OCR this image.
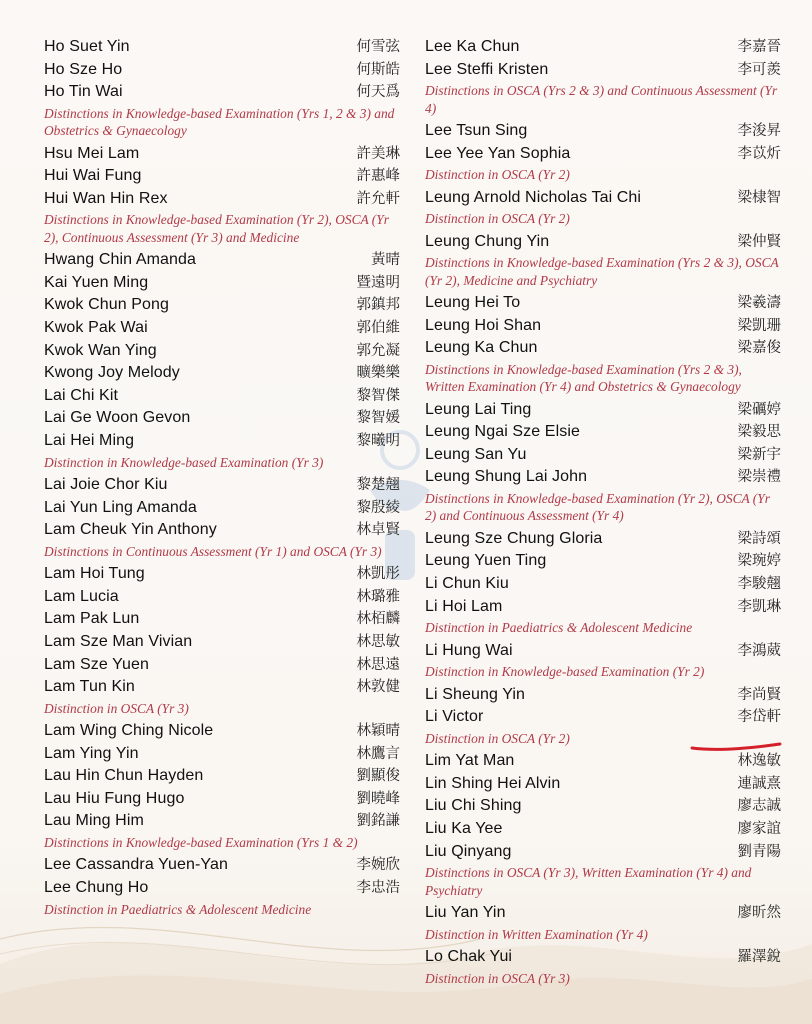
Ho Suet Yin	何雪弦
Ho Sze Ho	何斯皓
Ho Tin Wai	何天爲
Distinctions in Knowledge-based Examination (Yrs 1, 2 & 3) and Obstetrics & Gynaecology
Hsu Mei Lam	許美琳
Hui Wai Fung	許惠峰
Hui Wan Hin Rex	許允軒
Distinctions in Knowledge-based Examination (Yr 2), OSCA (Yr 2), Continuous Assessment (Yr 3) and Medicine
Hwang Chin Amanda	黃晴
Kai Yuen Ming	暨遠明
Kwok Chun Pong	郭鎮邦
Kwok Pak Wai	郭伯維
Kwok Wan Ying	郭允凝
Kwong Joy Melody	曠樂樂
Lai Chi Kit	黎智傑
Lai Ge Woon Gevon	黎智媛
Lai Hei Ming	黎曦明
Distinction in Knowledge-based Examination (Yr 3)
Lai Joie Chor Kiu	黎楚翹
Lai Yun Ling Amanda	黎殷綾
Lam Cheuk Yin Anthony	林卓賢
Distinctions in Continuous Assessment (Yr 1) and OSCA (Yr 3)
Lam Hoi Tung	林凱彤
Lam Lucia	林璐雅
Lam Pak Lun	林栢麟
Lam Sze Man Vivian	林思敏
Lam Sze Yuen	林思遠
Lam Tun Kin	林敦健
Distinction in OSCA (Yr 3)
Lam Wing Ching Nicole	林穎晴
Lam Ying Yin	林鷹言
Lau Hin Chun Hayden	劉顯俊
Lau Hiu Fung Hugo	劉曉峰
Lau Ming Him	劉銘謙
Distinctions in Knowledge-based Examination (Yrs 1 & 2)
Lee Cassandra Yuen-Yan	李婉欣
Lee Chung Ho	李忠浩
Distinction in Paediatrics & Adolescent Medicine
Lee Ka Chun	李嘉晉
Lee Steffi Kristen	李可羨
Distinctions in OSCA (Yrs 2 & 3) and Continuous Assessment (Yr 4)
Lee Tsun Sing	李浚昇
Lee Yee Yan Sophia	李苡炘
Distinction in OSCA (Yr 2)
Leung Arnold Nicholas Tai Chi	梁棣智
Distinction in OSCA (Yr 2)
Leung Chung Yin	梁仲賢
Distinctions in Knowledge-based Examination (Yrs 2 & 3), OSCA (Yr 2), Medicine and Psychiatry
Leung Hei To	梁羲濤
Leung Hoi Shan	梁凱珊
Leung Ka Chun	梁嘉俊
Distinctions in Knowledge-based Examination (Yrs 2 & 3), Written Examination (Yr 4) and Obstetrics & Gynaecology
Leung Lai Ting	梁礪婷
Leung Ngai Sze Elsie	梁毅思
Leung San Yu	梁新宇
Leung Shung Lai John	梁崇禮
Distinctions in Knowledge-based Examination (Yr 2), OSCA (Yr 2) and Continuous Assessment (Yr 4)
Leung Sze Chung Gloria	梁詩頌
Leung Yuen Ting	梁琬婷
Li Chun Kiu	李駿翹
Li Hoi Lam	李凱琳
Distinction in Paediatrics & Adolescent Medicine
Li Hung Wai	李鴻葳
Distinction in Knowledge-based Examination (Yr 2)
Li Sheung Yin	李尚賢
Li Victor	李岱軒
Distinction in OSCA (Yr 2)
Lim Yat Man	林逸敏
Lin Shing Hei Alvin	連誠熹
Liu Chi Shing	廖志誠
Liu Ka Yee	廖家誼
Liu Qinyang	劉青陽
Distinctions in OSCA (Yr 3), Written Examination (Yr 4) and Psychiatry
Liu Yan Yin	廖昕然
Distinction in Written Examination (Yr 4)
Lo Chak Yui	羅澤銳
Distinction in OSCA (Yr 3)
